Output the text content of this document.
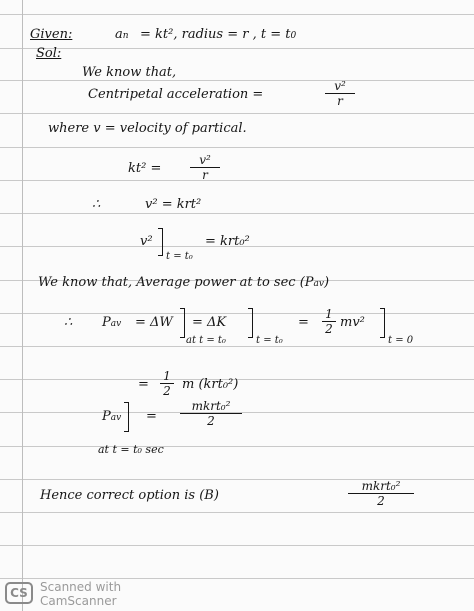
Given:	an = kt², radius = r , t = t0
Sol:
We know that,
Centripetal acceleration =	$\frac{\text{v²}}{r}$
where v = velocity of partical.
$kt^2 = \frac{\text{v²}}{r}$
∴	v² = krt²
v²
t = t₀
= krt₀²
We know that, Average power at to sec (Pav)
∴ Pav = ΔW
at t = t₀
= ΔK
t = t₀
= $\frac{1}{2} mv^2$
t = 0
= $\frac{1}{2}$ m (krt₀²)
Pav =
mkrt₀²
2
at t = t₀ sec
Hence correct option is (B)
mkrt₀²
2
CS	Scanned with
CamScanner
